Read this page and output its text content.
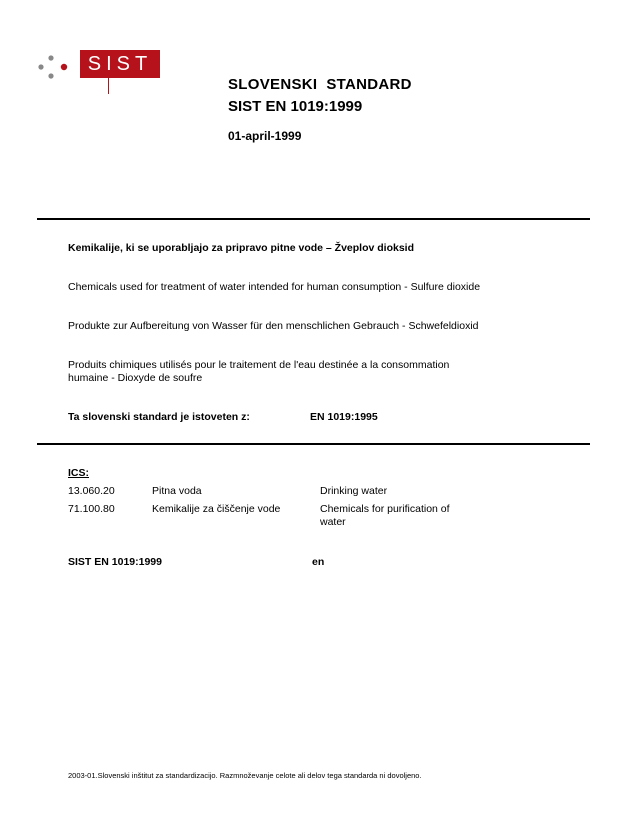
SIST
SLOVENSKI  STANDARD
SIST EN 1019:1999
01-april-1999
Kemikalije, ki se uporabljajo za pripravo pitne vode – Žveplov dioksid
Chemicals used for treatment of water intended for human consumption - Sulfure dioxide
Produkte zur Aufbereitung von Wasser für den menschlichen Gebrauch - Schwefeldioxid
Produits chimiques utilisés pour le traitement de l'eau destinée a la consommation
humaine - Dioxyde de soufre
Ta slovenski standard je istoveten z:	EN 1019:1995
ICS:
13.060.20	Pitna voda	Drinking water
71.100.80	Kemikalije za čiščenje vode	Chemicals for purification of
water
SIST EN 1019:1999	en
2003-01.Slovenski inštitut za standardizacijo. Razmnoževanje celote ali delov tega standarda ni dovoljeno.
